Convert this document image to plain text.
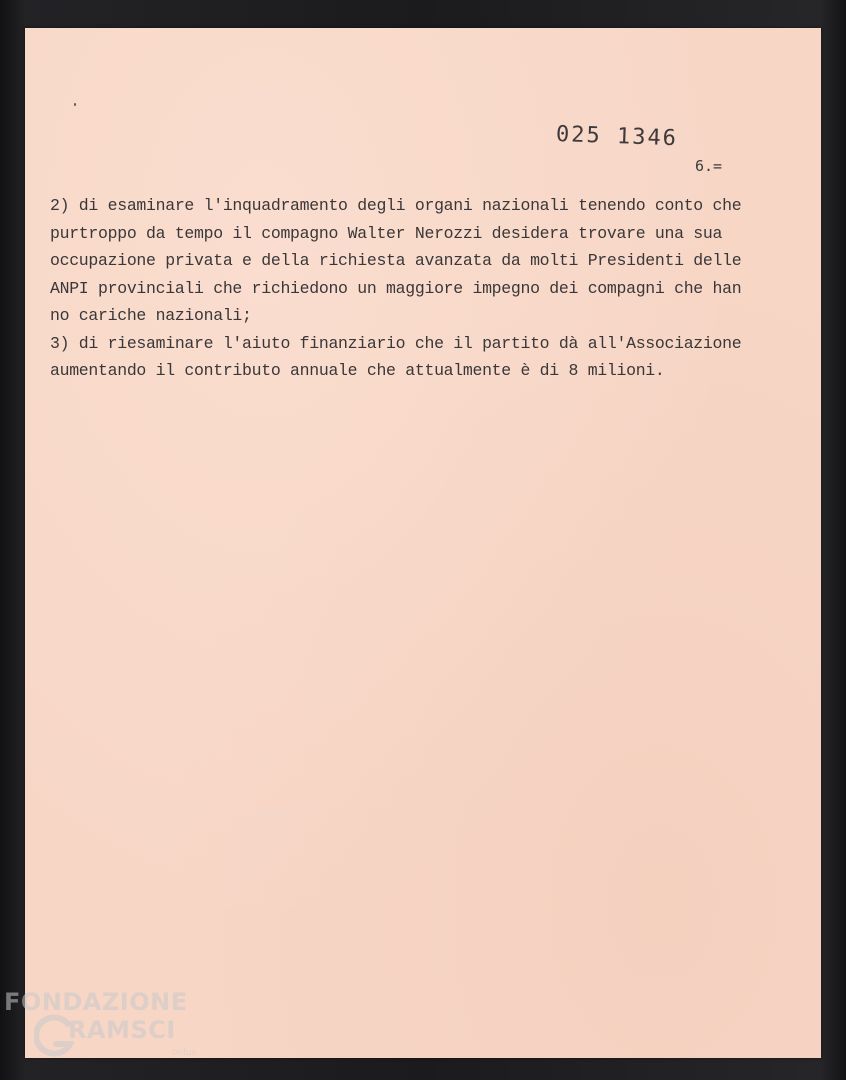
025 1346
6.=
2) di esaminare l'inquadramento degli organi nazionali tenendo conto che
purtroppo da tempo il compagno Walter Nerozzi desidera trovare una sua
occupazione privata e della richiesta avanzata da molti Presidenti delle
ANPI provinciali che richiedono un maggiore impegno dei compagni che han
no cariche nazionali;
3) di riesaminare l'aiuto finanziario che il partito dà all'Associazione
aumentando il contributo annuale che attualmente è di 8 milioni.
FONDAZIONE
RAMSCI
onlus
